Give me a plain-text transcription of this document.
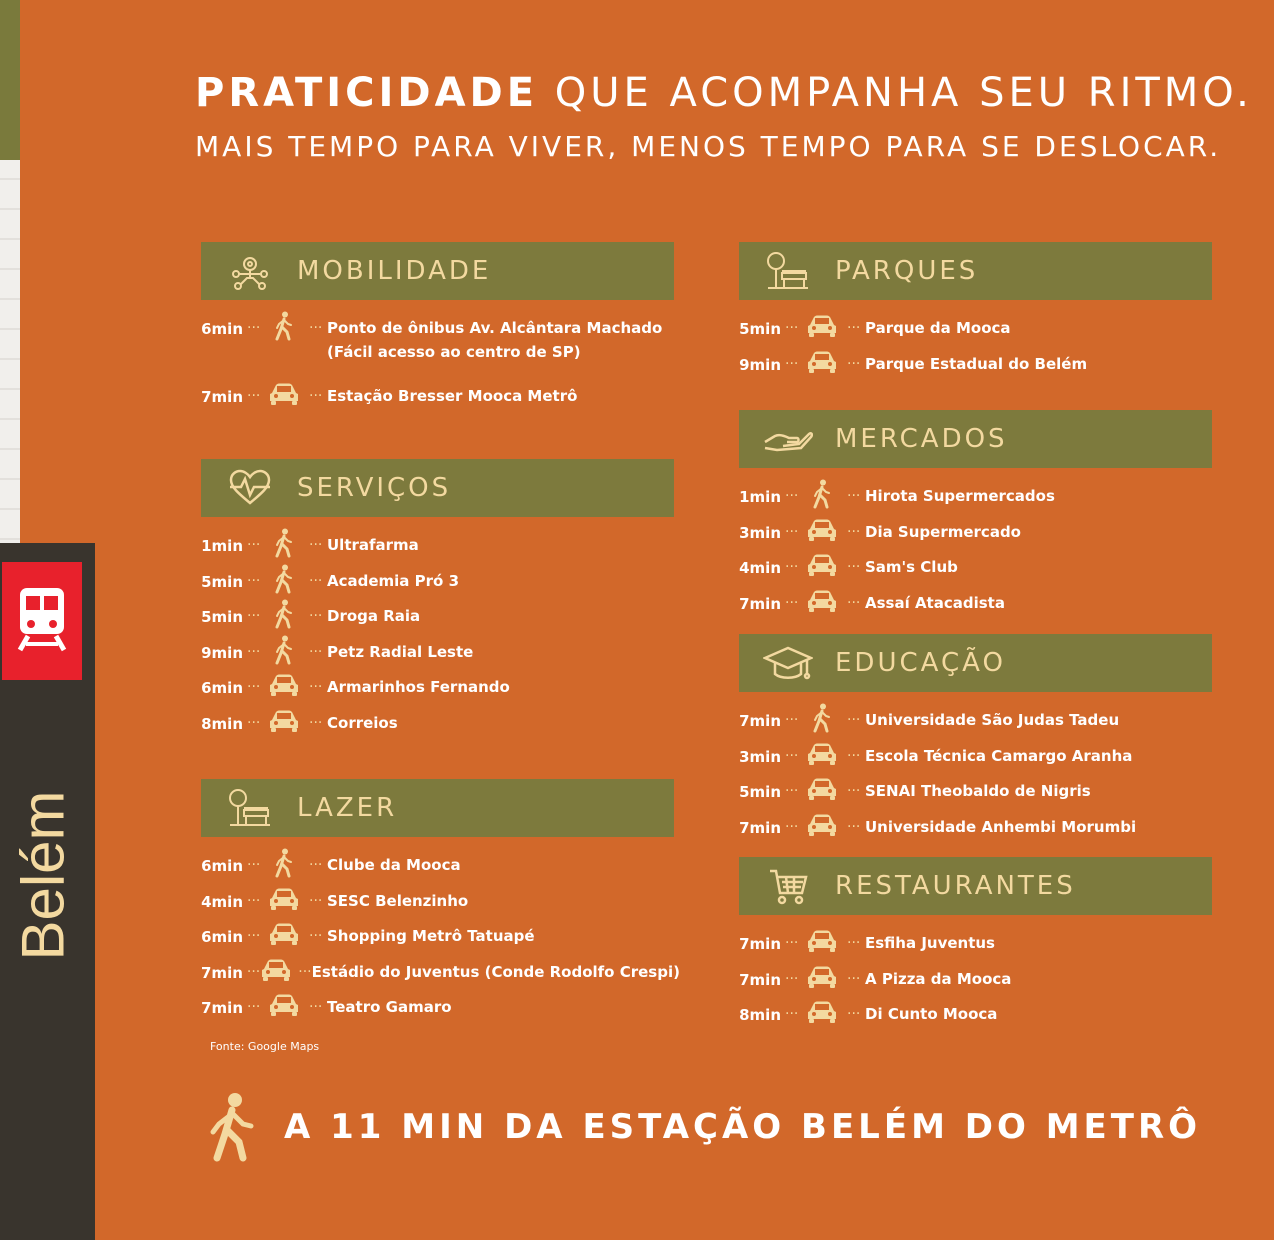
Belém
PRATICIDADE QUE ACOMPANHA SEU RITMO.
MAIS TEMPO PARA VIVER, MENOS TEMPO PARA SE DESLOCAR.
MOBILIDADE
6min ···	··· Ponto de ônibus Av. Alcântara Machado
(Fácil acesso ao centro de SP)
7min ···	··· Estação Bresser Mooca Metrô
SERVIÇOS
1min ···	··· Ultrafarma
5min ···	··· Academia Pró 3
5min ···	··· Droga Raia
9min ···	··· Petz Radial Leste
6min ···	··· Armarinhos Fernando
8min ···	··· Correios
LAZER
6min ···	··· Clube da Mooca
4min ···	··· SESC Belenzinho
6min ···	··· Shopping Metrô Tatuapé
7min ···	··· Estádio do Juventus (Conde Rodolfo Crespi)
7min ···	··· Teatro Gamaro
PARQUES
5min ···	··· Parque da Mooca
9min ···	··· Parque Estadual do Belém
MERCADOS
1min ···	··· Hirota Supermercados
3min ···	··· Dia Supermercado
4min ···	··· Sam's Club
7min ···	··· Assaí Atacadista
EDUCAÇÃO
7min ···	··· Universidade São Judas Tadeu
3min ···	··· Escola Técnica Camargo Aranha
5min ···	··· SENAI Theobaldo de Nigris
7min ···	··· Universidade Anhembi Morumbi
RESTAURANTES
7min ···	··· Esfiha Juventus
7min ···	··· A Pizza da Mooca
8min ···	··· Di Cunto Mooca
Fonte: Google Maps
A 11 MIN DA ESTAÇÃO BELÉM DO METRÔ
